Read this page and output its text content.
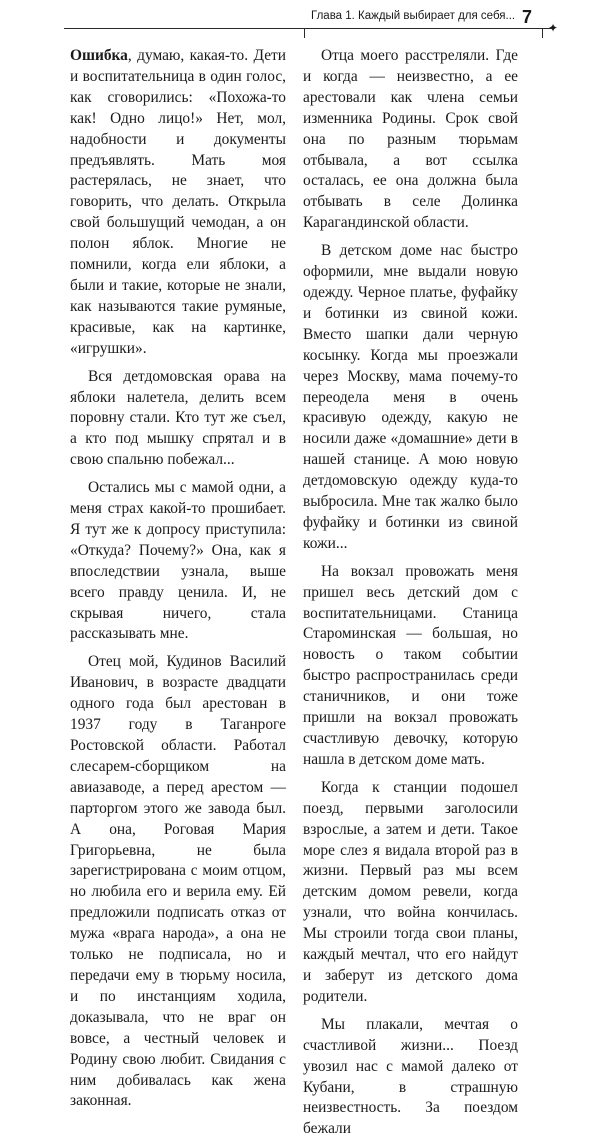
Глава 1. Каждый выбирает для себя... 7
✦

Ошибка, думаю, какая-то. Дети и воспитательница в один голос, как сговорились: «Похожа-то как! Одно лицо!» Нет, мол, надобности и документы предъявлять. Мать моя растерялась, не знает, что говорить, что делать. Открыла свой большущий чемодан, а он полон яблок. Многие не помнили, когда ели яблоки, а были и такие, которые не знали, как называются такие румяные, красивые, как на картинке, «игрушки».

Вся детдомовская орава на яблоки налетела, делить всем поровну стали. Кто тут же съел, а кто под мышку спрятал и в свою спальню побежал...

Остались мы с мамой одни, а меня страх какой-то прошибает. Я тут же к допросу приступила: «Откуда? Почему?» Она, как я впоследствии узнала, выше всего правду ценила. И, не скрывая ничего, стала рассказывать мне.

Отец мой, Кудинов Василий Иванович, в возрасте двадцати одного года был арестован в 1937 году в Таганроге Ростовской области. Работал слесарем-сборщиком на авиазаводе, а перед арестом — парторгом этого же завода был. А она, Роговая Мария Григорьевна, не была зарегистрирована с моим отцом, но любила его и верила ему. Ей предложили подписать отказ от мужа «врага народа», а она не только не подписала, но и передачи ему в тюрьму носила, и по инстанциям ходила, доказывала, что не враг он вовсе, а честный человек и Родину свою любит. Свидания с ним добивалась как жена законная.

Отца моего расстреляли. Где и когда — неизвестно, а ее арестовали как члена семьи изменника Родины. Срок свой она по разным тюрьмам отбывала, а вот ссылка осталась, ее она должна была отбывать в селе Долинка Карагандинской области.

В детском доме нас быстро оформили, мне выдали новую одежду. Черное платье, фуфайку и ботинки из свиной кожи. Вместо шапки дали черную косынку. Когда мы проезжали через Москву, мама почему-то переодела меня в очень красивую одежду, какую не носили даже «домашние» дети в нашей станице. А мою новую детдомовскую одежду куда-то выбросила. Мне так жалко было фуфайку и ботинки из свиной кожи...

На вокзал провожать меня пришел весь детский дом с воспитательницами. Станица Староминская — большая, но новость о таком событии быстро распространилась среди станичников, и они тоже пришли на вокзал провожать счастливую девочку, которую нашла в детском доме мать.

Когда к станции подошел поезд, первыми заголосили взрослые, а затем и дети. Такое море слез я видала второй раз в жизни. Первый раз мы всем детским домом ревели, когда узнали, что война кончилась. Мы строили тогда свои планы, каждый мечтал, что его найдут и заберут из детского дома родители.

Мы плакали, мечтая о счастливой жизни... Поезд увозил нас с мамой далеко от Кубани, в страшную неизвестность. За поездом бежали
